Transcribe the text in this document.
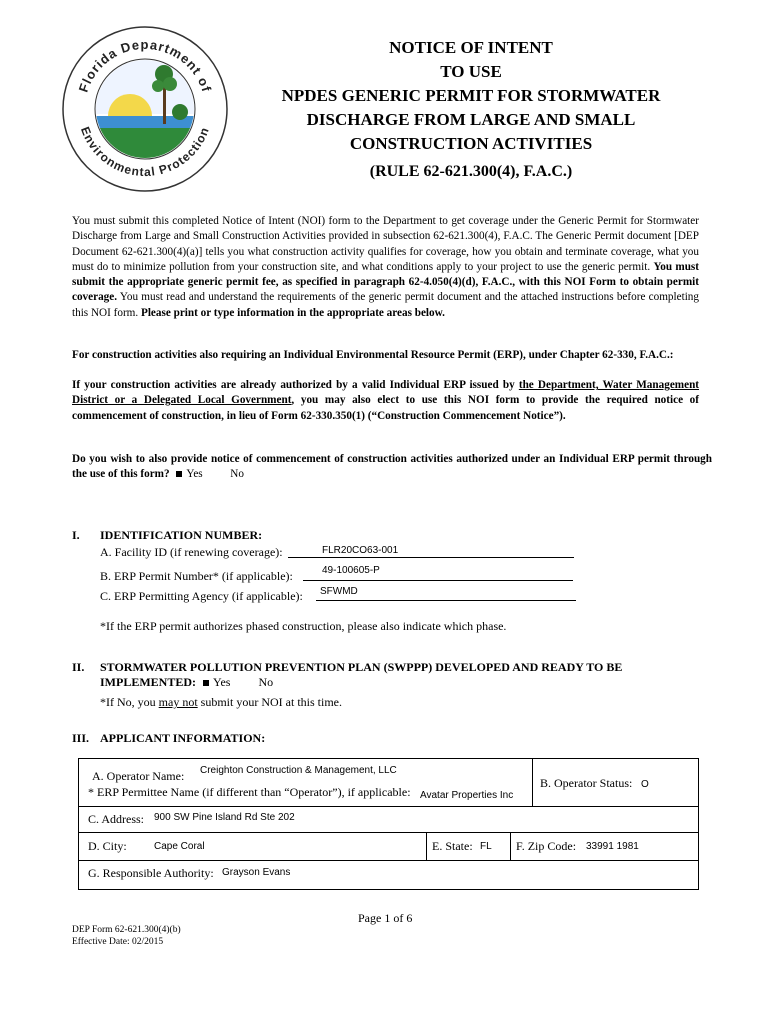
Florida Department of
Environmental Protection
NOTICE OF INTENT
TO USE
NPDES GENERIC PERMIT FOR STORMWATER
DISCHARGE FROM LARGE AND SMALL
CONSTRUCTION ACTIVITIES
(RULE 62-621.300(4), F.A.C.)
You must submit this completed Notice of Intent (NOI) form to the Department to get coverage under the Generic Permit for Stormwater Discharge from Large and Small Construction Activities provided in subsection 62-621.300(4), F.A.C. The Generic Permit document [DEP Document 62-621.300(4)(a)] tells you what construction activity qualifies for coverage, how you obtain and terminate coverage, what you must do to minimize pollution from your construction site, and what conditions apply to your project to use the generic permit. You must submit the appropriate generic permit fee, as specified in paragraph 62-4.050(4)(d), F.A.C., with this NOI Form to obtain permit coverage. You must read and understand the requirements of the generic permit document and the attached instructions before completing this NOI form. Please print or type information in the appropriate areas below.
For construction activities also requiring an Individual Environmental Resource Permit (ERP), under Chapter 62-330, F.A.C.:
If your construction activities are already authorized by a valid Individual ERP issued by the Department, Water Management District or a Delegated Local Government, you may also elect to use this NOI form to provide the required notice of commencement of construction, in lieu of Form 62-330.350(1) (“Construction Commencement Notice”).
Do you wish to also provide notice of commencement of construction activities authorized under an Individual ERP permit through the use of this form? Yes No
I. IDENTIFICATION NUMBER:
A. Facility ID (if renewing coverage):	FLR20CO63-001
B. ERP Permit Number* (if applicable):	49-100605-P
C. ERP Permitting Agency (if applicable): SFWMD
*If the ERP permit authorizes phased construction, please also indicate which phase.
II. STORMWATER POLLUTION PREVENTION PLAN (SWPPP) DEVELOPED AND READY TO BE
IMPLEMENTED: Yes No
*If No, you may not submit your NOI at this time.
III. APPLICANT INFORMATION:
A. Operator Name: Creighton Construction & Management, LLC
* ERP Permittee Name (if different than “Operator”), if applicable: Avatar Properties Inc
B. Operator Status: O
C. Address: 900 SW Pine Island Rd Ste 202
D. City:	Cape Coral	E. State: FL F. Zip Code: 33991 1981
G. Responsible Authority: Grayson Evans
Page 1 of 6
DEP Form 62-621.300(4)(b)
Effective Date: 02/2015
